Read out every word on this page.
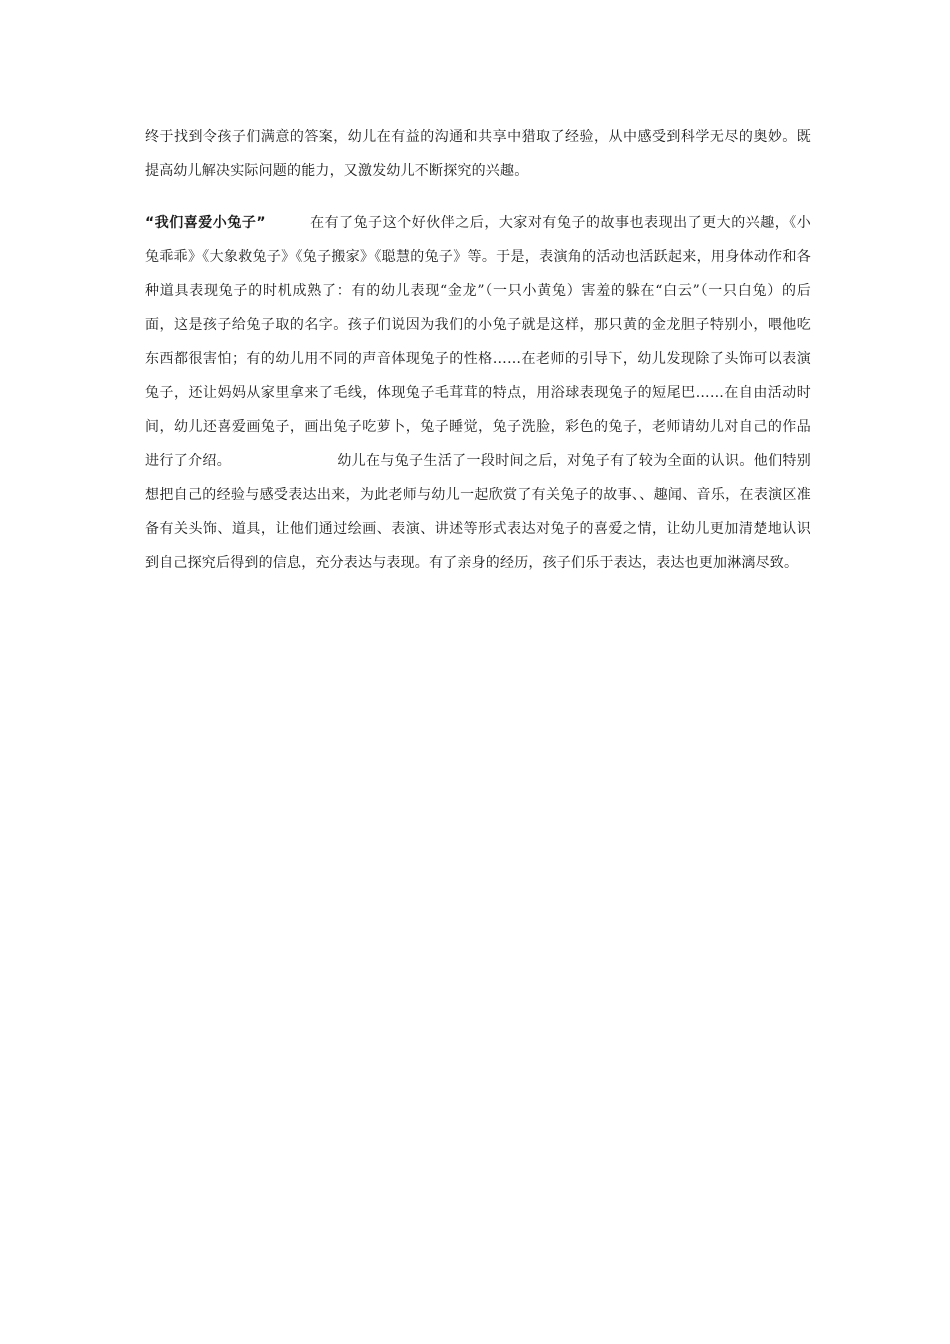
终于找到令孩子们满意的答案，幼儿在有益的沟通和共享中猎取了经验，从中感受到科学无尽的奥妙。既提高幼儿解决实际问题的能力，又激发幼儿不断探究的兴趣。

“我们喜爱小兔子”	在有了兔子这个好伙伴之后，大家对有兔子的故事也表现出了更大的兴趣，《小兔乖乖》《大象救兔子》《兔子搬家》《聪慧的兔子》等。于是，表演角的活动也活跃起来，用身体动作和各种道具表现兔子的时机成熟了：有的幼儿表现“金龙”（一只小黄兔）害羞的躲在“白云”（一只白兔）的后面，这是孩子给兔子取的名字。孩子们说因为我们的小兔子就是这样，那只黄的金龙胆子特别小，喂他吃东西都很害怕；有的幼儿用不同的声音体现兔子的性格……在老师的引导下，幼儿发现除了头饰可以表演兔子，还让妈妈从家里拿来了毛线，体现兔子毛茸茸的特点，用浴球表现兔子的短尾巴……在自由活动时间，幼儿还喜爱画兔子，画出兔子吃萝卜，兔子睡觉，兔子洗脸，彩色的兔子，老师请幼儿对自己的作品进行了介绍。	幼儿在与兔子生活了一段时间之后，对兔子有了较为全面的认识。他们特别想把自己的经验与感受表达出来，为此老师与幼儿一起欣赏了有关兔子的故事、、趣闻、音乐，在表演区准备有关头饰、道具，让他们通过绘画、表演、讲述等形式表达对兔子的喜爱之情，让幼儿更加清楚地认识到自己探究后得到的信息，充分表达与表现。有了亲身的经历，孩子们乐于表达，表达也更加淋漓尽致。
